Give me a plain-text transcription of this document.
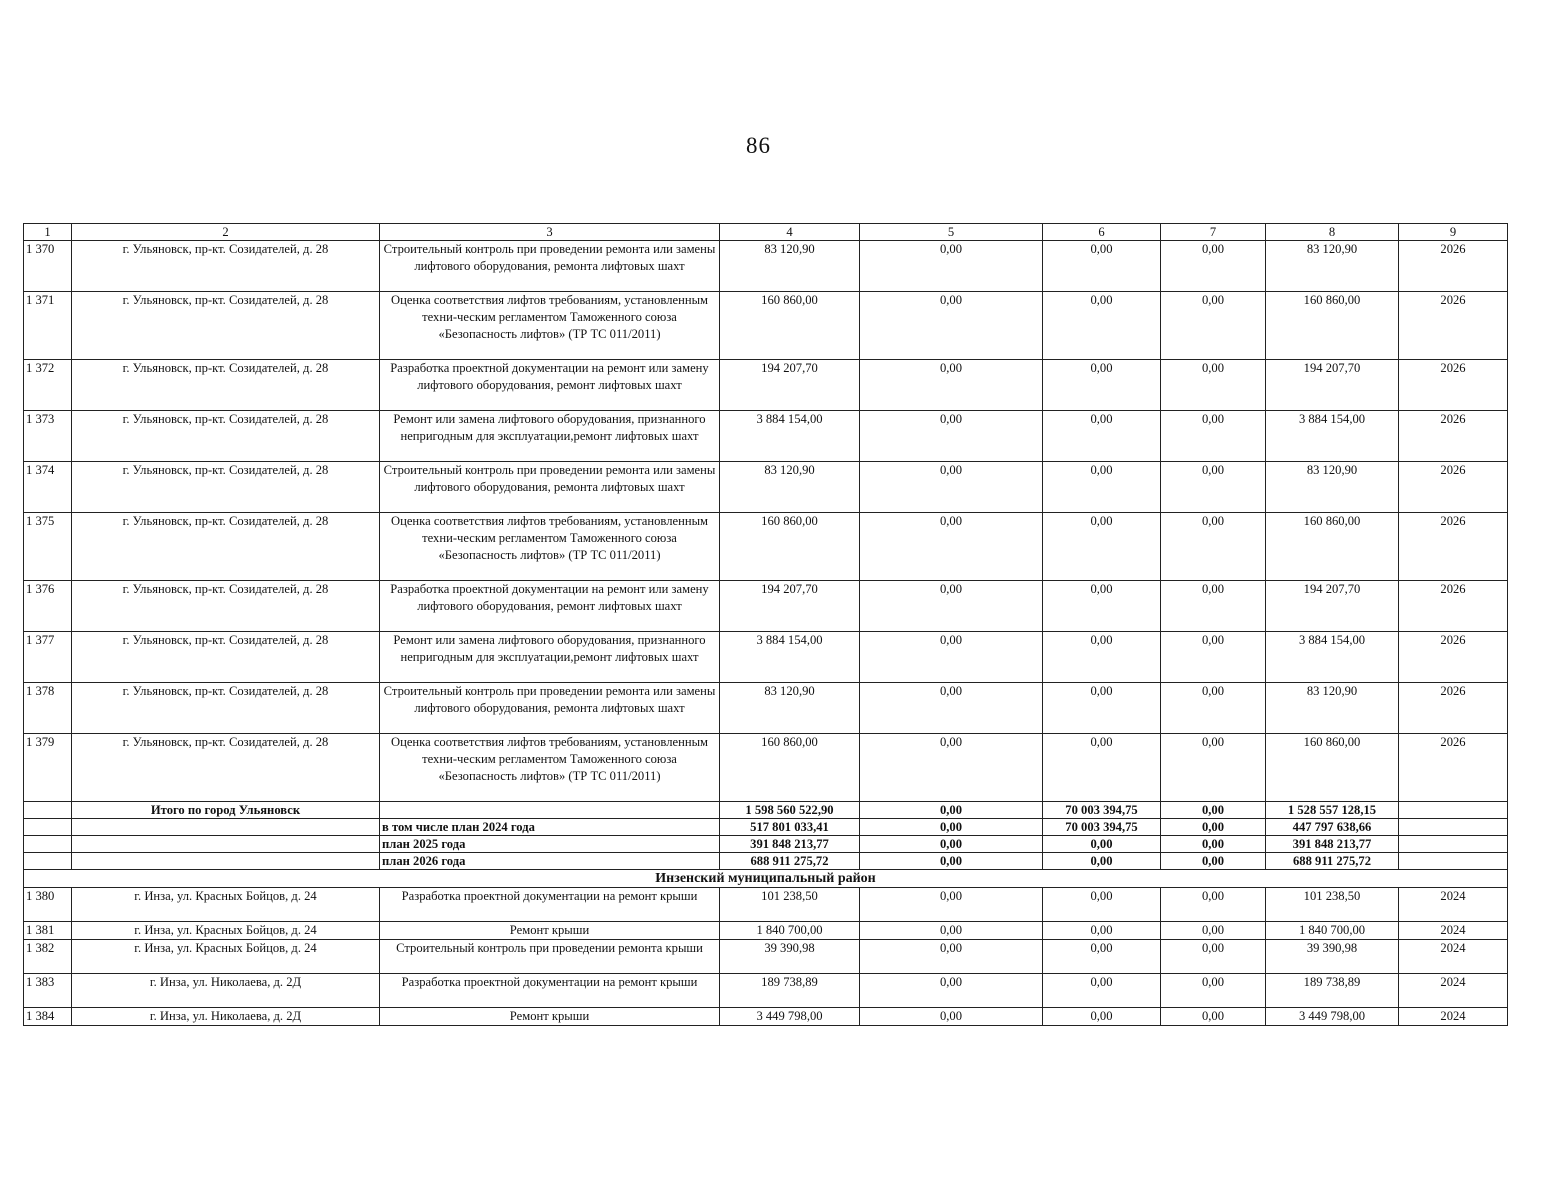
86
1	2	3	4	5	6	7	8	9
1 370	г. Ульяновск, пр-кт. Созидателей, д. 28	Строительный контроль при проведении ремонта или замены лифтового оборудования, ремонта лифтовых шахт	83 120,90	0,00	0,00	0,00	83 120,90	2026
1 371	г. Ульяновск, пр-кт. Созидателей, д. 28	Оценка соответствия лифтов требованиям, установленным техни-ческим регламентом Таможенного союза «Безопасность лифтов» (ТР ТС 011/2011)	160 860,00	0,00	0,00	0,00	160 860,00	2026
1 372	г. Ульяновск, пр-кт. Созидателей, д. 28	Разработка проектной документации на ремонт или замену лифтового оборудования, ремонт лифтовых шахт	194 207,70	0,00	0,00	0,00	194 207,70	2026
1 373	г. Ульяновск, пр-кт. Созидателей, д. 28	Ремонт или замена лифтового оборудования, признанного непригодным для эксплуатации,ремонт лифтовых шахт	3 884 154,00	0,00	0,00	0,00	3 884 154,00	2026
1 374	г. Ульяновск, пр-кт. Созидателей, д. 28	Строительный контроль при проведении ремонта или замены лифтового оборудования, ремонта лифтовых шахт	83 120,90	0,00	0,00	0,00	83 120,90	2026
1 375	г. Ульяновск, пр-кт. Созидателей, д. 28	Оценка соответствия лифтов требованиям, установленным техни-ческим регламентом Таможенного союза «Безопасность лифтов» (ТР ТС 011/2011)	160 860,00	0,00	0,00	0,00	160 860,00	2026
1 376	г. Ульяновск, пр-кт. Созидателей, д. 28	Разработка проектной документации на ремонт или замену лифтового оборудования, ремонт лифтовых шахт	194 207,70	0,00	0,00	0,00	194 207,70	2026
1 377	г. Ульяновск, пр-кт. Созидателей, д. 28	Ремонт или замена лифтового оборудования, признанного непригодным для эксплуатации,ремонт лифтовых шахт	3 884 154,00	0,00	0,00	0,00	3 884 154,00	2026
1 378	г. Ульяновск, пр-кт. Созидателей, д. 28	Строительный контроль при проведении ремонта или замены лифтового оборудования, ремонта лифтовых шахт	83 120,90	0,00	0,00	0,00	83 120,90	2026
1 379	г. Ульяновск, пр-кт. Созидателей, д. 28	Оценка соответствия лифтов требованиям, установленным техни-ческим регламентом Таможенного союза «Безопасность лифтов» (ТР ТС 011/2011)	160 860,00	0,00	0,00	0,00	160 860,00	2026
	Итого по город Ульяновск		1 598 560 522,90	0,00	70 003 394,75	0,00	1 528 557 128,15	
		в том числе план 2024 года	517 801 033,41	0,00	70 003 394,75	0,00	447 797 638,66	
		план 2025 года	391 848 213,77	0,00	0,00	0,00	391 848 213,77	
		план 2026 года	688 911 275,72	0,00	0,00	0,00	688 911 275,72	
Инзенский муниципальный район								
1 380	г. Инза, ул. Красных Бойцов, д. 24	Разработка проектной документации на ремонт крыши	101 238,50	0,00	0,00	0,00	101 238,50	2024
1 381	г. Инза, ул. Красных Бойцов, д. 24	Ремонт крыши	1 840 700,00	0,00	0,00	0,00	1 840 700,00	2024
1 382	г. Инза, ул. Красных Бойцов, д. 24	Строительный контроль при проведении ремонта крыши	39 390,98	0,00	0,00	0,00	39 390,98	2024
1 383	г. Инза, ул. Николаева, д. 2Д	Разработка проектной документации на ремонт крыши	189 738,89	0,00	0,00	0,00	189 738,89	2024
1 384	г. Инза, ул. Николаева, д. 2Д	Ремонт крыши	3 449 798,00	0,00	0,00	0,00	3 449 798,00	2024
